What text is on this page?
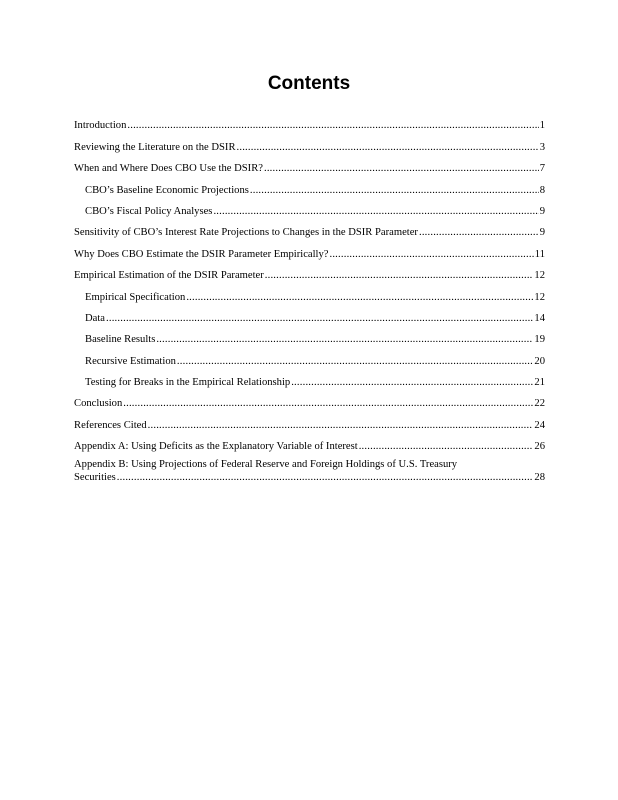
Contents
Introduction .....	1
Reviewing the Literature on the DSIR .....	3
When and Where Does CBO Use the DSIR? .....	7
CBO’s Baseline Economic Projections .....	8
CBO’s Fiscal Policy Analyses .....	9
Sensitivity of CBO’s Interest Rate Projections to Changes in the DSIR Parameter .....	9
Why Does CBO Estimate the DSIR Parameter Empirically? .....	11
Empirical Estimation of the DSIR Parameter .....	12
Empirical Specification .....	12
Data .....	14
Baseline Results .....	19
Recursive Estimation .....	20
Testing for Breaks in the Empirical Relationship .....	21
Conclusion .....	22
References Cited .....	24
Appendix A: Using Deficits as the Explanatory Variable of Interest .....	26
Appendix B: Using Projections of Federal Reserve and Foreign Holdings of U.S. Treasury
Securities .....	28
